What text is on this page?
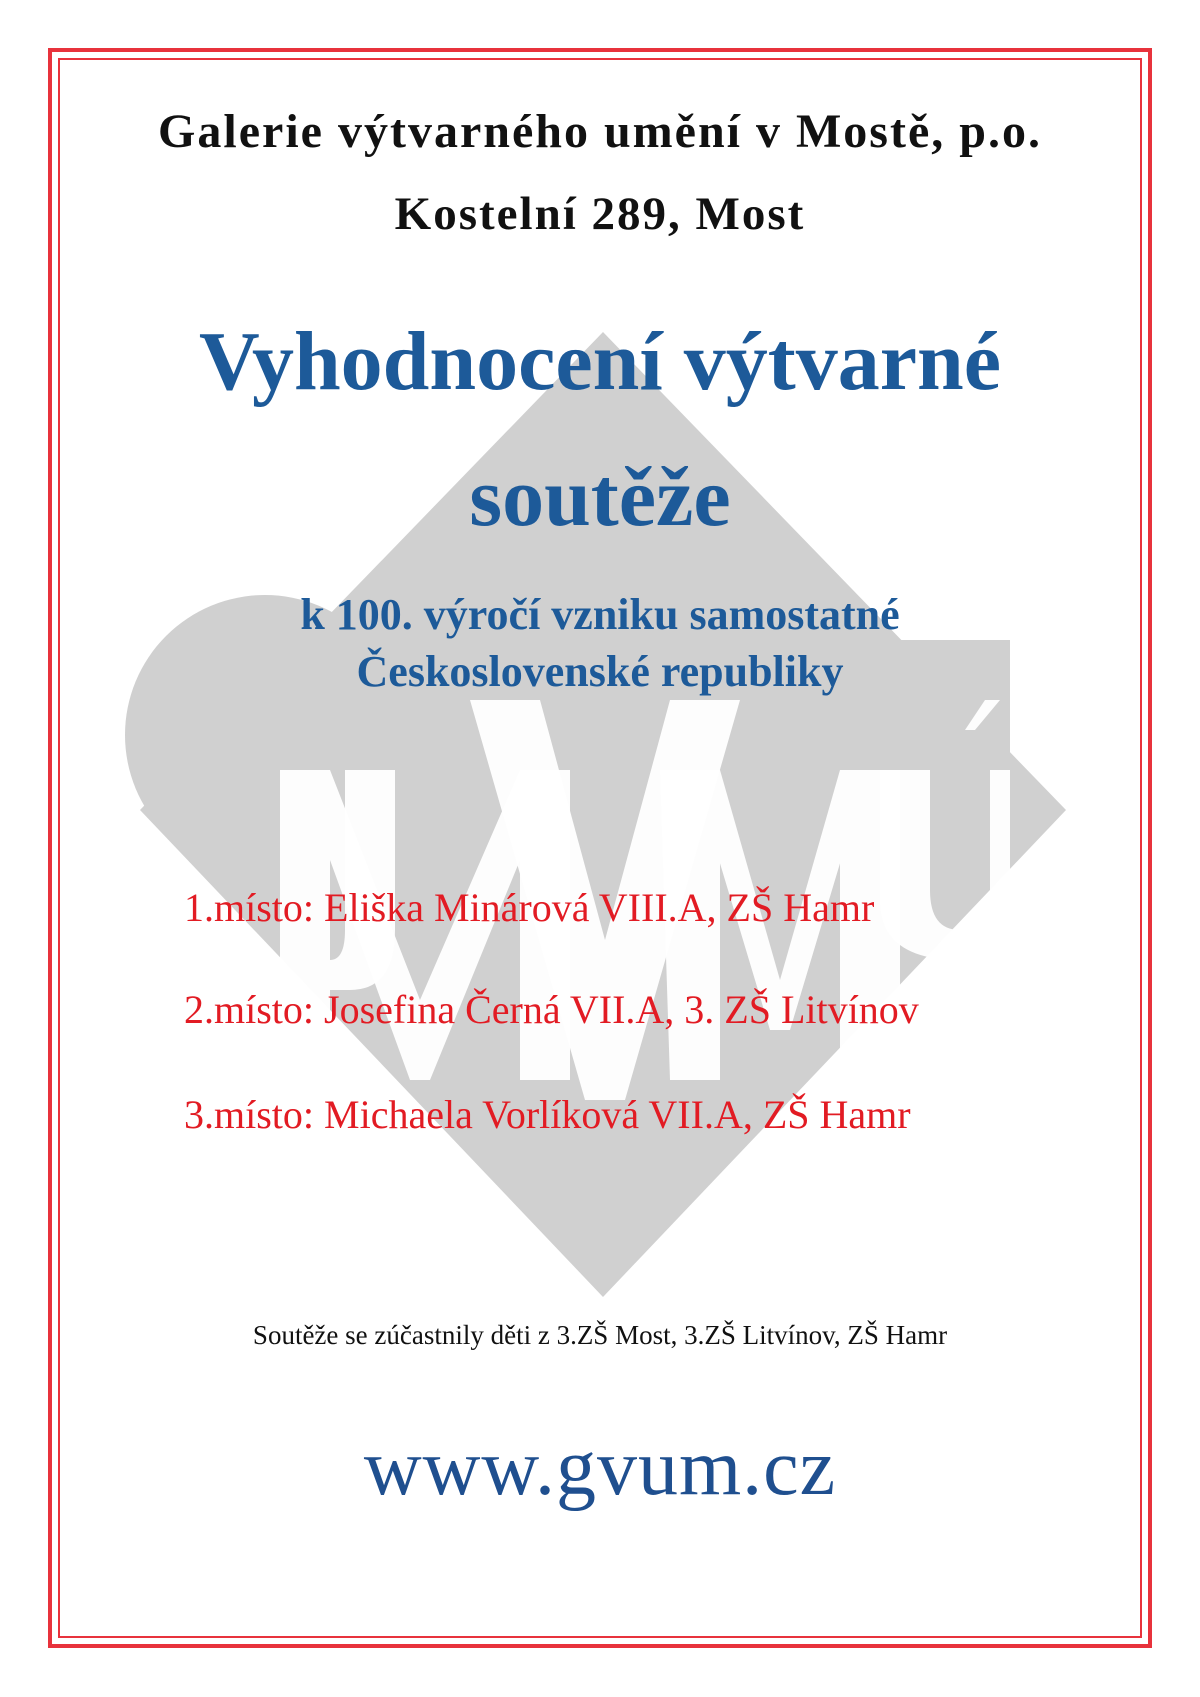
Galerie výtvarného umění v Mostě, p.o.

Kostelní 289, Most

Vyhodnocení výtvarné
soutěže

k 100. výročí vzniku samostatné

Československé republiky

1.místo: Eliška Minárová VIII.A, ZŠ Hamr

2.místo: Josefina Černá VII.A, 3. ZŠ Litvínov

3.místo: Michaela Vorlíková VII.A, ZŠ Hamr

Soutěže se zúčastnily děti z 3.ZŠ Most, 3.ZŠ Litvínov, ZŠ Hamr

www.gvum.cz
